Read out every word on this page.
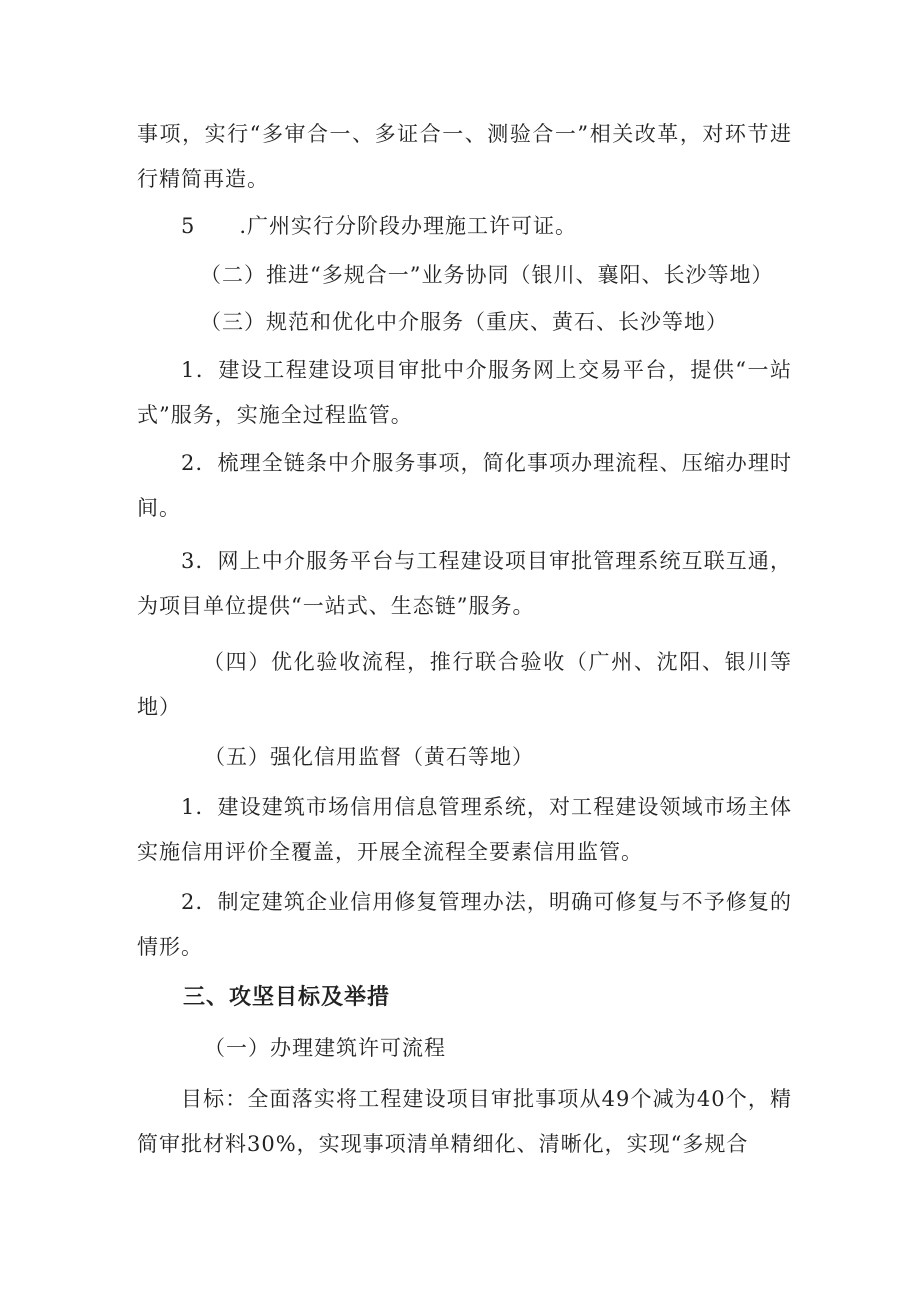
事项，实行“多审合一、多证合一、测验合一”相关改革，对环节进行精简再造。
5　　.广州实行分阶段办理施工许可证。
（二）推进“多规合一”业务协同（银川、襄阳、长沙等地）
（三）规范和优化中介服务（重庆、黄石、长沙等地）
1．建设工程建设项目审批中介服务网上交易平台，提供“一站式”服务，实施全过程监管。
2．梳理全链条中介服务事项，简化事项办理流程、压缩办理时间。
3．网上中介服务平台与工程建设项目审批管理系统互联互通，为项目单位提供“一站式、生态链”服务。
（四）优化验收流程，推行联合验收（广州、沈阳、银川等地）
（五）强化信用监督（黄石等地）
1．建设建筑市场信用信息管理系统，对工程建设领域市场主体实施信用评价全覆盖，开展全流程全要素信用监管。
2．制定建筑企业信用修复管理办法，明确可修复与不予修复的情形。
三、攻坚目标及举措
（一）办理建筑许可流程
目标：全面落实将工程建设项目审批事项从49个减为40个，精简审批材料30%，实现事项清单精细化、清晰化，实现“多规合
